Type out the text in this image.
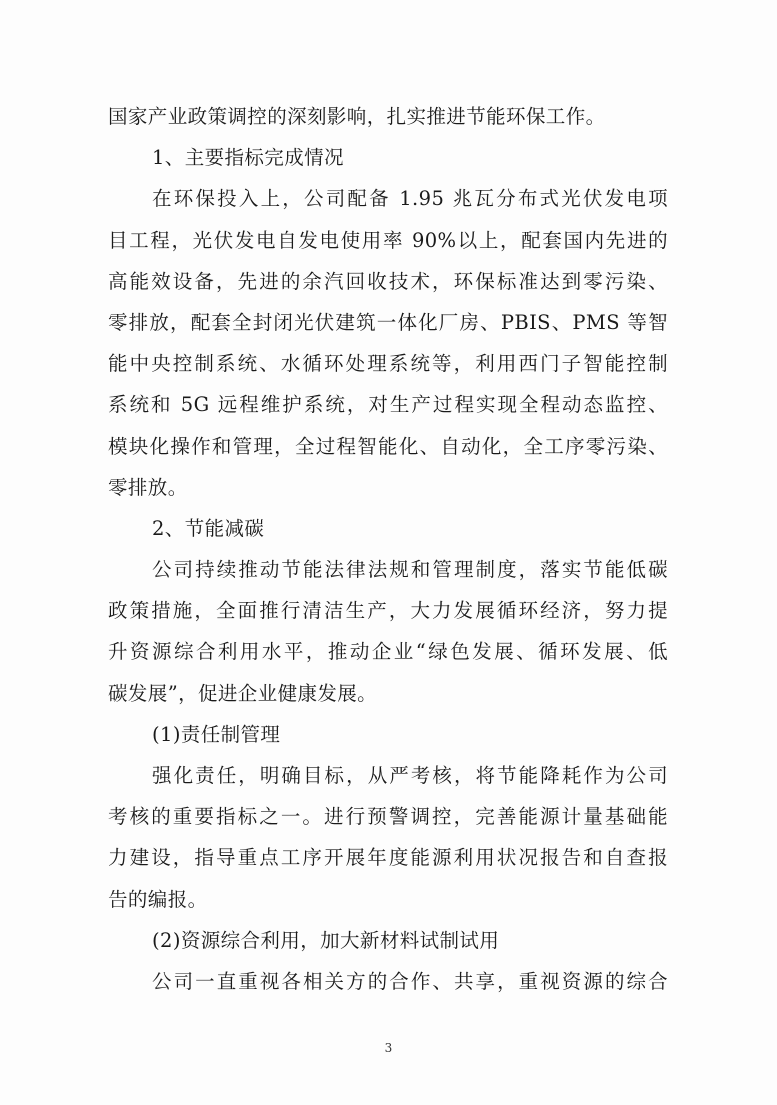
国家产业政策调控的深刻影响，扎实推进节能环保工作。
1、主要指标完成情况
在环保投入上，公司配备 1.95 兆瓦分布式光伏发电项
目工程，光伏发电自发电使用率 90%以上，配套国内先进的
高能效设备，先进的余汽回收技术，环保标准达到零污染、
零排放，配套全封闭光伏建筑一体化厂房、PBIS、PMS 等智
能中央控制系统、水循环处理系统等，利用西门子智能控制
系统和 5G 远程维护系统，对生产过程实现全程动态监控、
模块化操作和管理，全过程智能化、自动化，全工序零污染、
零排放。
2、节能减碳
公司持续推动节能法律法规和管理制度，落实节能低碳
政策措施，全面推行清洁生产，大力发展循环经济，努力提
升资源综合利用水平，推动企业“绿色发展、循环发展、低
碳发展”，促进企业健康发展。
(1)责任制管理
强化责任，明确目标，从严考核，将节能降耗作为公司
考核的重要指标之一。进行预警调控，完善能源计量基础能
力建设，指导重点工序开展年度能源利用状况报告和自查报
告的编报。
(2)资源综合利用，加大新材料试制试用
公司一直重视各相关方的合作、共享，重视资源的综合
3
